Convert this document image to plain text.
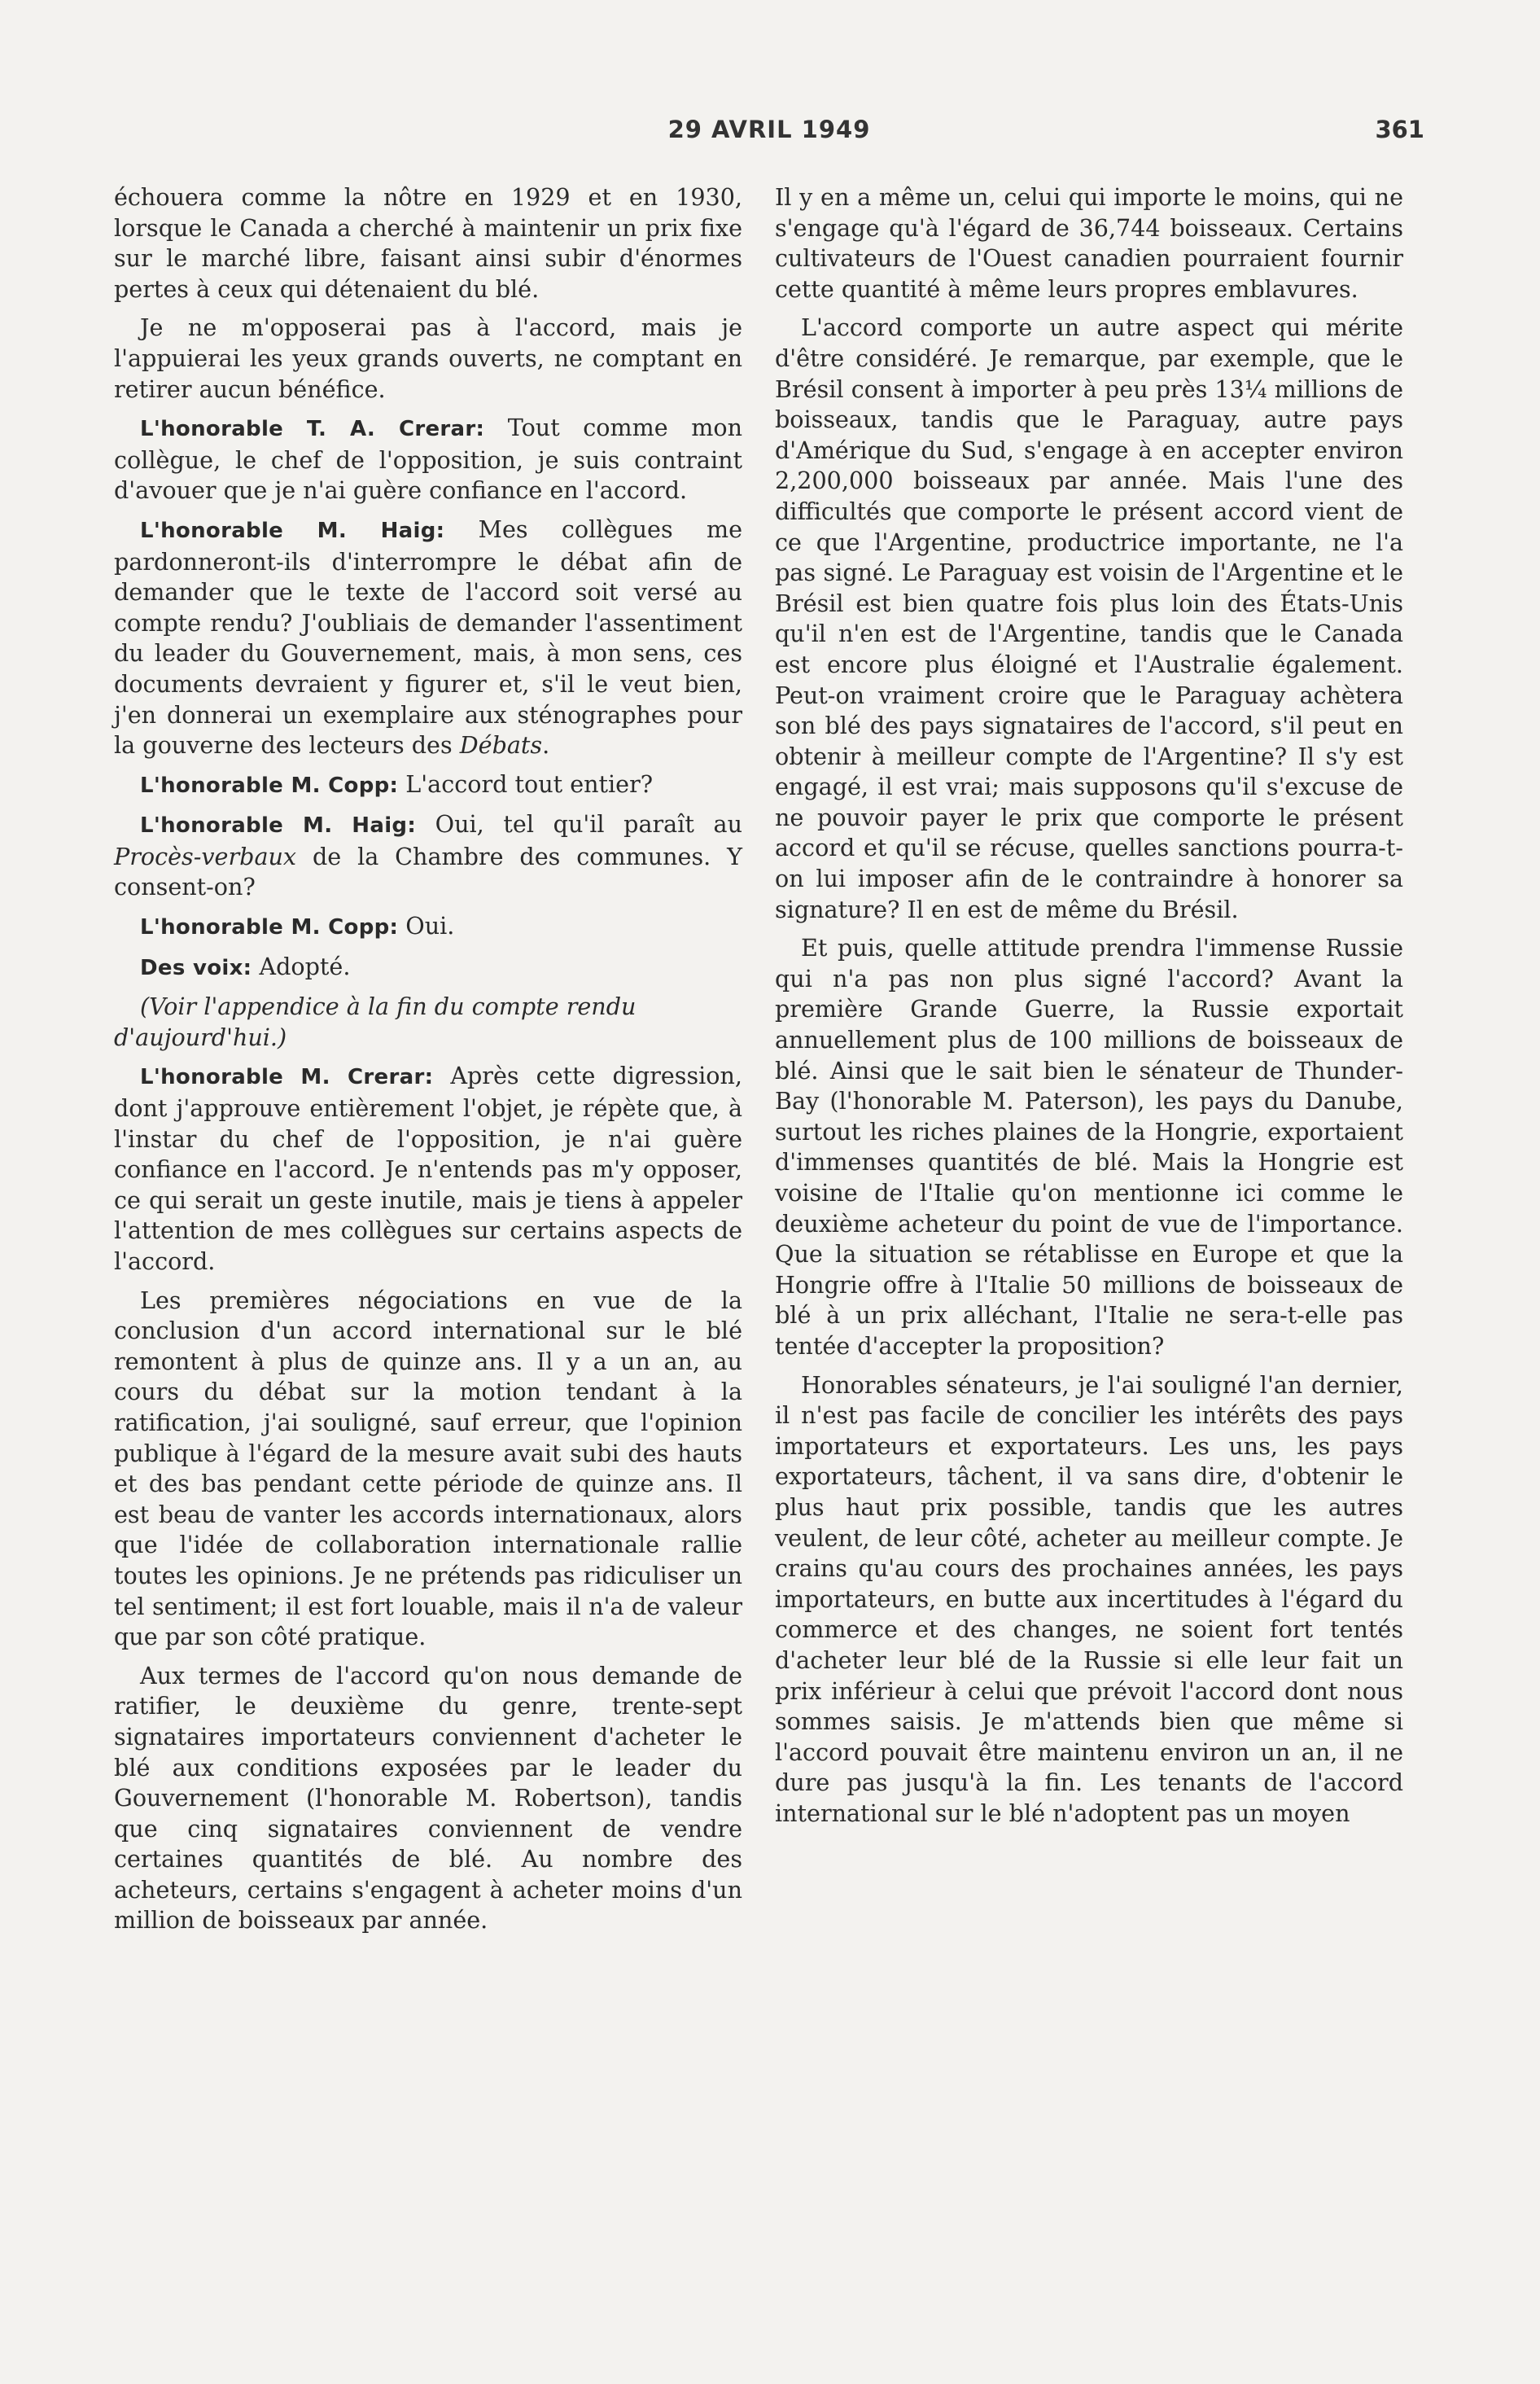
29 AVRIL 1949	361

échouera comme la nôtre en 1929 et en 1930, lorsque le Canada a cherché à maintenir un prix fixe sur le marché libre, faisant ainsi subir d'énormes pertes à ceux qui détenaient du blé.

Je ne m'opposerai pas à l'accord, mais je l'appuierai les yeux grands ouverts, ne comptant en retirer aucun bénéfice.

L'honorable T. A. Crerar: Tout comme mon collègue, le chef de l'opposition, je suis contraint d'avouer que je n'ai guère confiance en l'accord.

L'honorable M. Haig: Mes collègues me pardonneront-ils d'interrompre le débat afin de demander que le texte de l'accord soit versé au compte rendu? J'oubliais de demander l'assentiment du leader du Gouvernement, mais, à mon sens, ces documents devraient y figurer et, s'il le veut bien, j'en donnerai un exemplaire aux sténographes pour la gouverne des lecteurs des Débats.

L'honorable M. Copp: L'accord tout entier?

L'honorable M. Haig: Oui, tel qu'il paraît au Procès-verbaux de la Chambre des communes. Y consent-on?

L'honorable M. Copp: Oui.

Des voix: Adopté.

(Voir l'appendice à la fin du compte rendu d'aujourd'hui.)

L'honorable M. Crerar: Après cette digression, dont j'approuve entièrement l'objet, je répète que, à l'instar du chef de l'opposition, je n'ai guère confiance en l'accord. Je n'entends pas m'y opposer, ce qui serait un geste inutile, mais je tiens à appeler l'attention de mes collègues sur certains aspects de l'accord.

Les premières négociations en vue de la conclusion d'un accord international sur le blé remontent à plus de quinze ans. Il y a un an, au cours du débat sur la motion tendant à la ratification, j'ai souligné, sauf erreur, que l'opinion publique à l'égard de la mesure avait subi des hauts et des bas pendant cette période de quinze ans. Il est beau de vanter les accords internationaux, alors que l'idée de collaboration internationale rallie toutes les opinions. Je ne prétends pas ridiculiser un tel sentiment; il est fort louable, mais il n'a de valeur que par son côté pratique.

Aux termes de l'accord qu'on nous demande de ratifier, le deuxième du genre, trente-sept signataires importateurs conviennent d'acheter le blé aux conditions exposées par le leader du Gouvernement (l'honorable M. Robertson), tandis que cinq signataires conviennent de vendre certaines quantités de blé. Au nombre des acheteurs, certains s'engagent à acheter moins d'un million de boisseaux par année.

Il y en a même un, celui qui importe le moins, qui ne s'engage qu'à l'égard de 36,744 boisseaux. Certains cultivateurs de l'Ouest canadien pourraient fournir cette quantité à même leurs propres emblavures.

L'accord comporte un autre aspect qui mérite d'être considéré. Je remarque, par exemple, que le Brésil consent à importer à peu près 13¼ millions de boisseaux, tandis que le Paraguay, autre pays d'Amérique du Sud, s'engage à en accepter environ 2,200,000 boisseaux par année. Mais l'une des difficultés que comporte le présent accord vient de ce que l'Argentine, productrice importante, ne l'a pas signé. Le Paraguay est voisin de l'Argentine et le Brésil est bien quatre fois plus loin des États-Unis qu'il n'en est de l'Argentine, tandis que le Canada est encore plus éloigné et l'Australie également. Peut-on vraiment croire que le Paraguay achètera son blé des pays signataires de l'accord, s'il peut en obtenir à meilleur compte de l'Argentine? Il s'y est engagé, il est vrai; mais supposons qu'il s'excuse de ne pouvoir payer le prix que comporte le présent accord et qu'il se récuse, quelles sanctions pourra-t-on lui imposer afin de le contraindre à honorer sa signature? Il en est de même du Brésil.

Et puis, quelle attitude prendra l'immense Russie qui n'a pas non plus signé l'accord? Avant la première Grande Guerre, la Russie exportait annuellement plus de 100 millions de boisseaux de blé. Ainsi que le sait bien le sénateur de Thunder-Bay (l'honorable M. Paterson), les pays du Danube, surtout les riches plaines de la Hongrie, exportaient d'immenses quantités de blé. Mais la Hongrie est voisine de l'Italie qu'on mentionne ici comme le deuxième acheteur du point de vue de l'importance. Que la situation se rétablisse en Europe et que la Hongrie offre à l'Italie 50 millions de boisseaux de blé à un prix alléchant, l'Italie ne sera-t-elle pas tentée d'accepter la proposition?

Honorables sénateurs, je l'ai souligné l'an dernier, il n'est pas facile de concilier les intérêts des pays importateurs et exportateurs. Les uns, les pays exportateurs, tâchent, il va sans dire, d'obtenir le plus haut prix possible, tandis que les autres veulent, de leur côté, acheter au meilleur compte. Je crains qu'au cours des prochaines années, les pays importateurs, en butte aux incertitudes à l'égard du commerce et des changes, ne soient fort tentés d'acheter leur blé de la Russie si elle leur fait un prix inférieur à celui que prévoit l'accord dont nous sommes saisis. Je m'attends bien que même si l'accord pouvait être maintenu environ un an, il ne dure pas jusqu'à la fin. Les tenants de l'accord international sur le blé n'adoptent pas un moyen
